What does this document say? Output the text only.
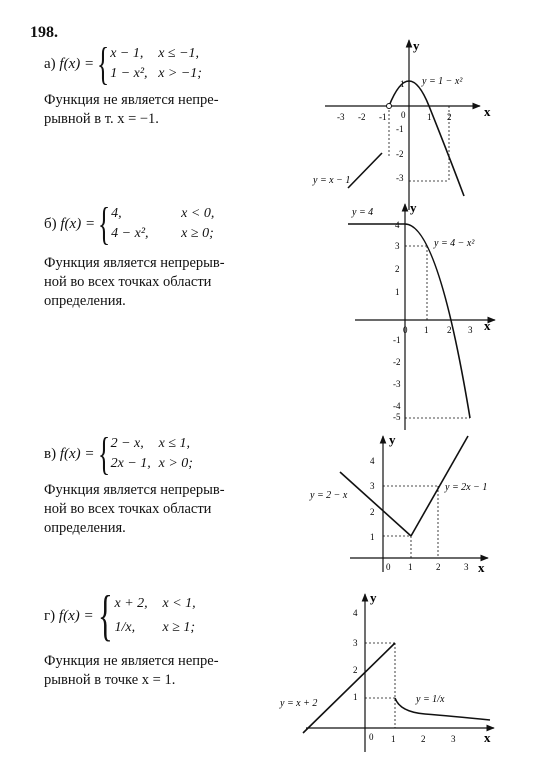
198.
а)
f(x) = { x − 1,	x ≤ −1,
1 − x², x > −1;
Функция не является непре-
рывной в т. x = −1.
б)
f(x) = { 4,	x < 0,
4 − x²,	x ≥ 0;
Функция является непрерыв-
ной во всех точках области
определения.
в)
f(x) = { 2 − x,	x ≤ 1,
2x − 1, x > 0;
Функция является непрерыв-
ной во всех точках области
определения.
г)
f(x) = { x + 2,	x < 1,
1/x,	x ≥ 1;
Функция не является непре-
рывной в точке x = 1.
x
y
0
-3 -2 -1	1 2
1
-1
-2
-3
y = 1 − x²
y = x − 1
x
y
0 1 2 3
4
3
2
1
-1
-2
-3
-4
-5
y = 4
y = 4 − x²
x
y
0 1	2	3
4
3
2
1
y = 2 − x
y = 2x − 1
x
y
0 1	2	3
4
3
2
1
y = x + 2	y = 1/x
